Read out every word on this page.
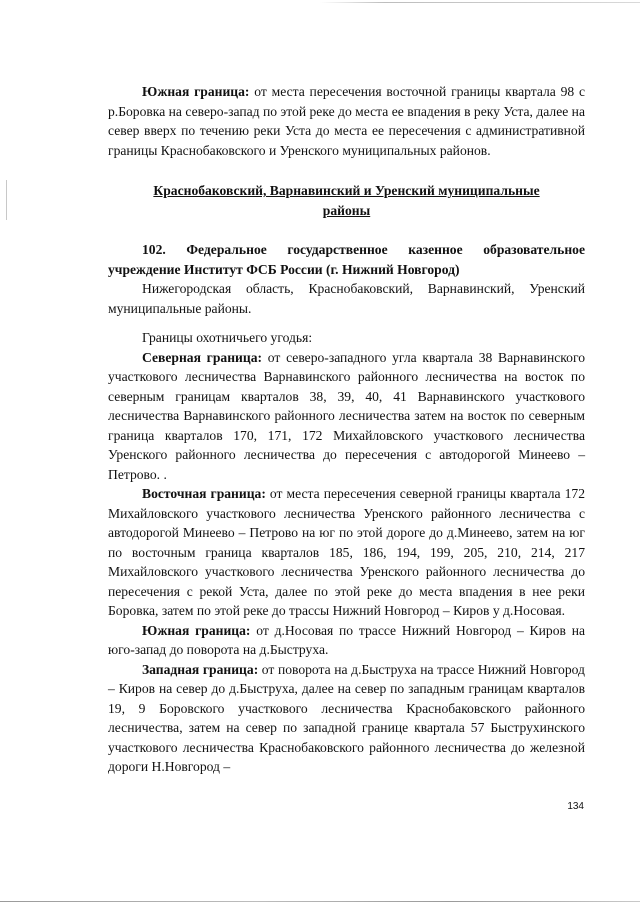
Южная граница: от места пересечения восточной границы квартала 98 с р.Боровка на северо-запад по этой реке до места ее впадения в реку Уста, далее на север вверх по течению реки Уста до места ее пересечения с административной границы Краснобаковского и Уренского муниципальных районов.

Краснобаковский, Варнавинский и Уренский муниципальные районы

102. Федеральное государственное казенное образовательное учреждение Институт ФСБ России (г. Нижний Новгород)

Нижегородская область, Краснобаковский, Варнавинский, Уренский муниципальные районы.

Границы охотничьего угодья:

Северная граница: от северо-западного угла квартала 38 Варнавинского участкового лесничества Варнавинского районного лесничества на восток по северным границам кварталов 38, 39, 40, 41 Варнавинского участкового лесничества Варнавинского районного лесничества затем на восток по северным граница кварталов 170, 171, 172 Михайловского участкового лесничества Уренского районного лесничества до пересечения с автодорогой Минеево – Петрово. .

Восточная граница: от места пересечения северной границы квартала 172 Михайловского участкового лесничества Уренского районного лесничества с автодорогой Минеево – Петрово на юг по этой дороге до д.Минеево, затем на юг по восточным граница кварталов 185, 186, 194, 199, 205, 210, 214, 217 Михайловского участкового лесничества Уренского районного лесничества до пересечения с рекой Уста, далее по этой реке до места впадения в нее реки Боровка, затем по этой реке до трассы Нижний Новгород – Киров у д.Носовая.

Южная граница: от д.Носовая по трассе Нижний Новгород – Киров на юго-запад до поворота на д.Быструха.

Западная граница: от поворота на д.Быструха на трассе Нижний Новгород – Киров на север до д.Быструха, далее на север по западным границам кварталов 19, 9 Боровского участкового лесничества Краснобаковского районного лесничества, затем на север по западной границе квартала 57 Быструхинского участкового лесничества Краснобаковского районного лесничества до железной дороги Н.Новгород –

134
